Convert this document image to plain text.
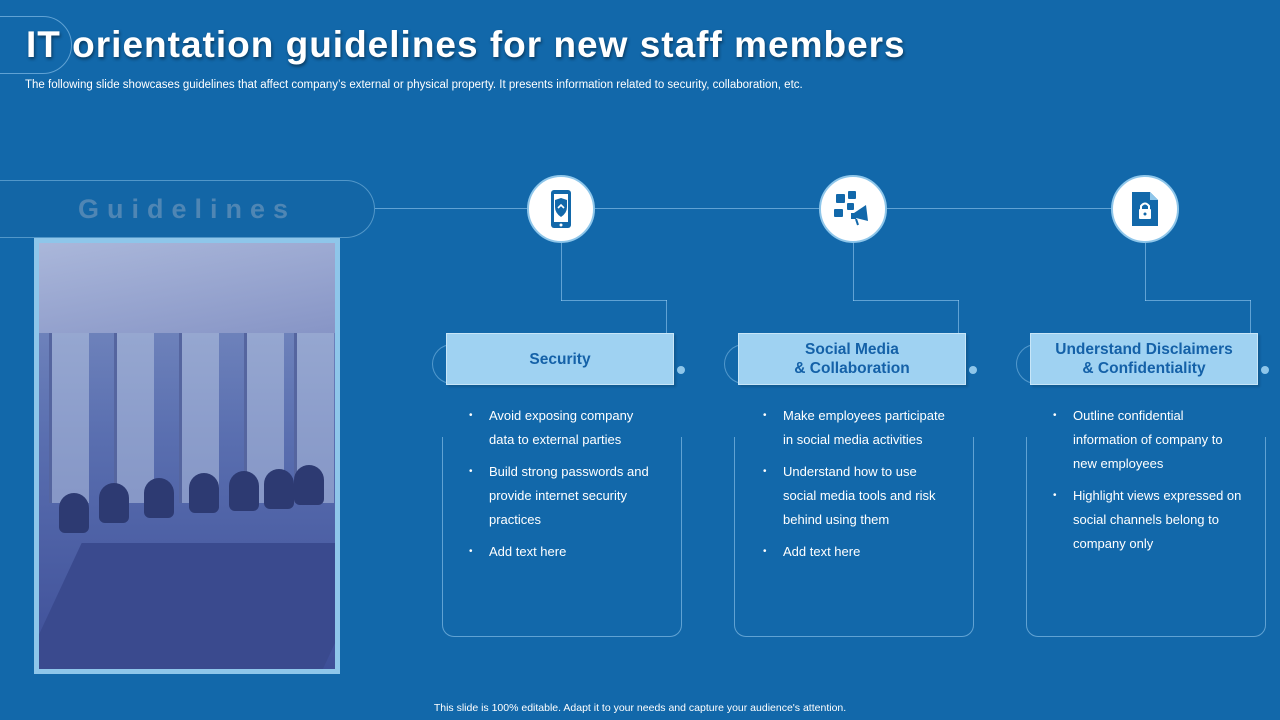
IT orientation guidelines for new staff members

The following slide showcases guidelines that affect company’s external or physical property. It presents information related to security, collaboration, etc.

Guidelines
Security
• Avoid exposing company data to external parties
• Build strong passwords and provide internet security practices
• Add text here
Social Media
& Collaboration
• Make employees participate in social media activities
• Understand how to use social media tools and risk behind using them
• Add text here
Understand Disclaimers
& Confidentiality
• Outline confidential information of company to new employees
• Highlight views expressed on social channels belong to company only

This slide is 100% editable. Adapt it to your needs and capture your audience's attention.
